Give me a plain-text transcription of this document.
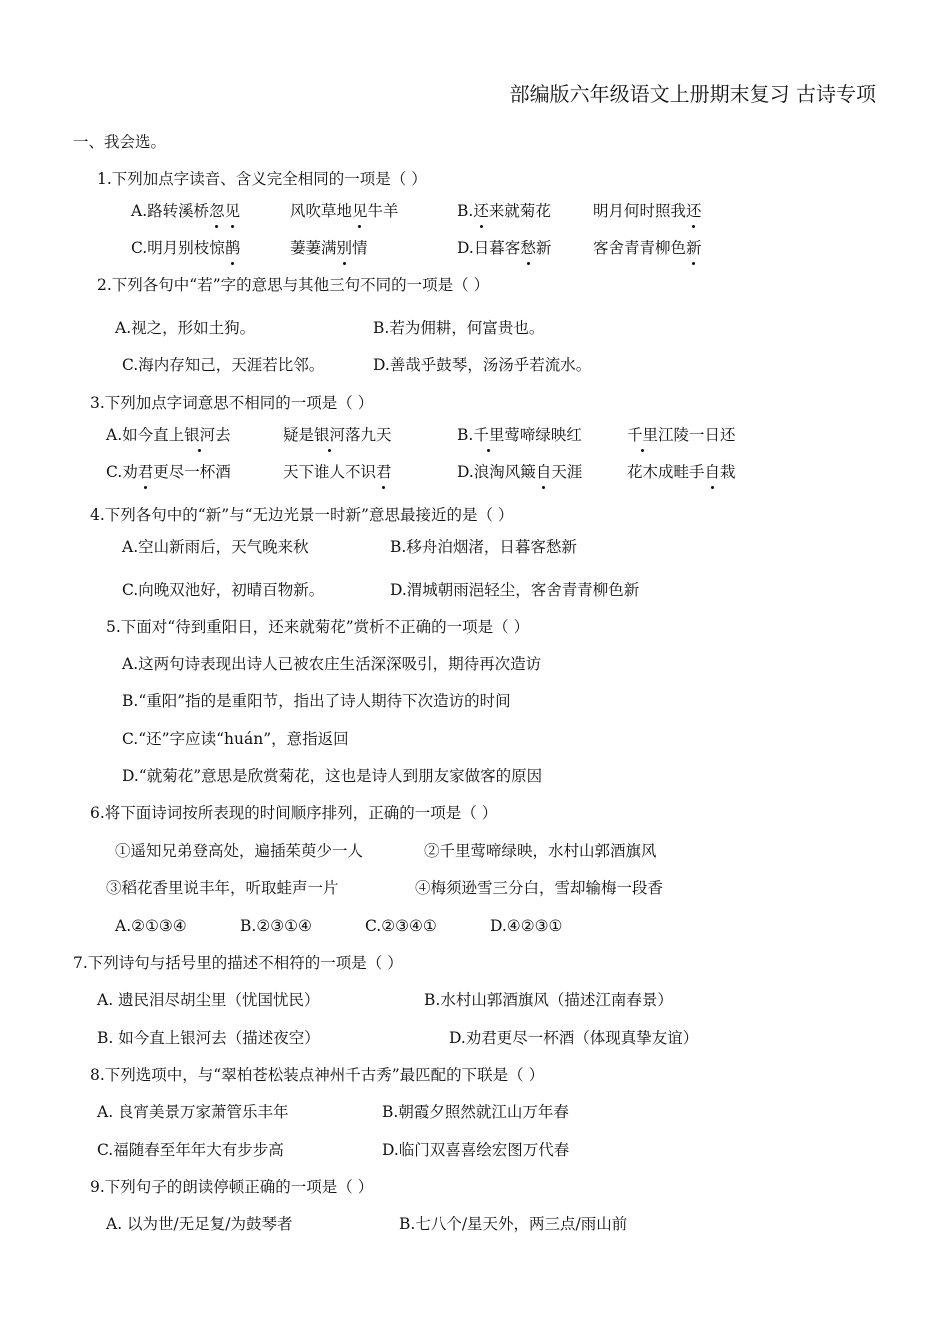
部编版六年级语文上册期末复习 古诗专项
一、我会选。
1.下列加点字读音、含义完全相同的一项是（ ）
A.路转溪桥忽见	风吹草地见牛羊	B.还来就菊花	明月何时照我还
C.明月别枝惊鹊	萋萋满别情	D.日暮客愁新	客舍青青柳色新
2.下列各句中“若”字的意思与其他三句不同的一项是（ ）
A.视之，形如土狗。	B.若为佣耕，何富贵也。
C.海内存知己，天涯若比邻。	D.善哉乎鼓琴，汤汤乎若流水。
3.下列加点字词意思不相同的一项是（ ）
A.如今直上银河去	疑是银河落九天	B.千里莺啼绿映红	千里江陵一日还
C.劝君更尽一杯酒	天下谁人不识君	D.浪淘风簸自天涯	花木成畦手自栽
4.下列各句中的“新”与“无边光景一时新”意思最接近的是（ ）
A.空山新雨后，天气晚来秋	B.移舟泊烟渚，日暮客愁新
C.向晚双池好，初晴百物新。	D.渭城朝雨浥轻尘，客舍青青柳色新
5.下面对“待到重阳日，还来就菊花”赏析不正确的一项是（ ）
A.这两句诗表现出诗人已被农庄生活深深吸引，期待再次造访
B.“重阳”指的是重阳节，指出了诗人期待下次造访的时间
C.“还”字应读“huán”，意指返回
D.“就菊花”意思是欣赏菊花，这也是诗人到朋友家做客的原因
6.将下面诗词按所表现的时间顺序排列，正确的一项是（ ）
①遥知兄弟登高处，遍插茱萸少一人	②千里莺啼绿映，水村山郭酒旗风
③稻花香里说丰年，听取蛙声一片	④梅须逊雪三分白，雪却输梅一段香
A.②①③④	B.②③①④	C.②③④①	D.④②③①
7.下列诗句与括号里的描述不相符的一项是（ ）
A. 遗民泪尽胡尘里（忧国忧民）	B.水村山郭酒旗风（描述江南春景）
B. 如今直上银河去（描述夜空）	D.劝君更尽一杯酒（体现真挚友谊）
8.下列选项中，与“翠柏苍松装点神州千古秀”最匹配的下联是（ ）
A. 良宵美景万家萧管乐丰年	B.朝霞夕照然就江山万年春
C.福随春至年年大有步步高	D.临门双喜喜绘宏图万代春
9.下列句子的朗读停顿正确的一项是（ ）
A. 以为世/无足复/为鼓琴者	B.七八个/星天外，两三点/雨山前
